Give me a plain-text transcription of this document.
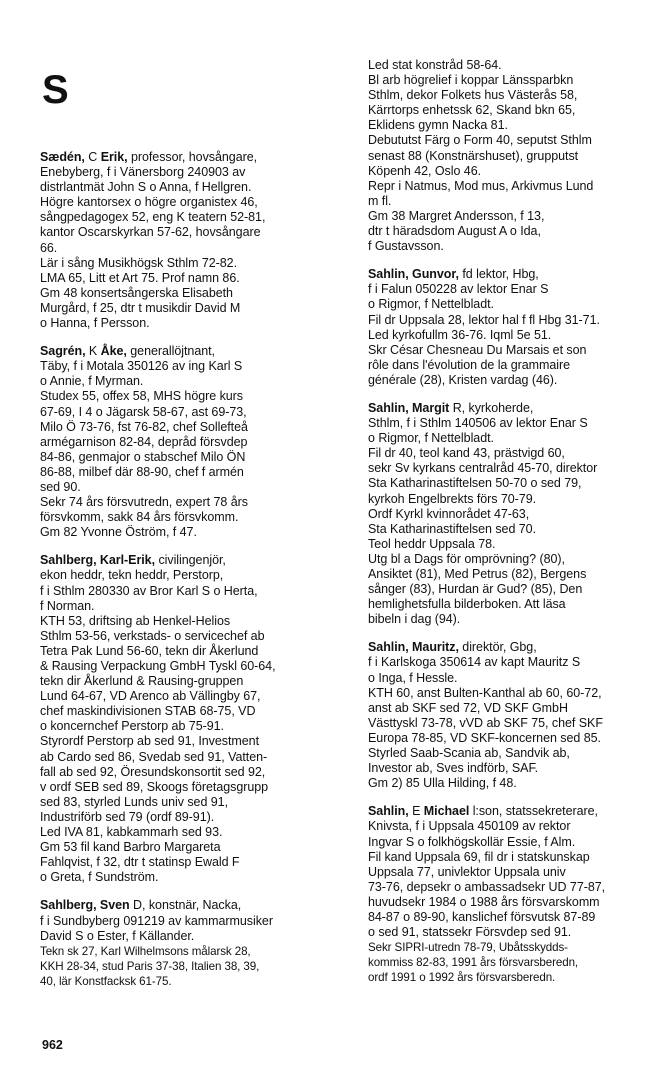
S
Sædén, C Erik, professor, hovsångare,
Enebyberg, f i Vänersborg 240903 av
distrlantmät John S o Anna, f Hellgren.
Högre kantorsex o högre organistex 46,
sångpedagogex 52, eng K teatern 52-81,
kantor Oscarskyrkan 57-62, hovsångare
66.
Lär i sång Musikhögsk Sthlm 72-82.
LMA 65, Litt et Art 75. Prof namn 86.
Gm 48 konsertsångerska Elisabeth
Murgård, f 25, dtr t musikdir David M
o Hanna, f Persson.
Sagrén, K Åke, generallöjtnant,
Täby, f i Motala 350126 av ing Karl S
o Annie, f Myrman.
Studex 55, offex 58, MHS högre kurs
67-69, I 4 o Jägarsk 58-67, ast 69-73,
Milo Ö 73-76, fst 76-82, chef Sollefteå
armégarnison 82-84, depråd försvdep
84-86, genmajor o stabschef Milo ÖN
86-88, milbef där 88-90, chef f armén
sed 90.
Sekr 74 års försvutredn, expert 78 års
försvkomm, sakk 84 års försvkomm.
Gm 82 Yvonne Öström, f 47.
Sahlberg, Karl-Erik, civilingenjör,
ekon heddr, tekn heddr, Perstorp,
f i Sthlm 280330 av Bror Karl S o Herta,
f Norman.
KTH 53, driftsing ab Henkel-Helios
Sthlm 53-56, verkstads- o servicechef ab
Tetra Pak Lund 56-60, tekn dir Åkerlund
& Rausing Verpackung GmbH Tyskl 60-64,
tekn dir Åkerlund & Rausing-gruppen
Lund 64-67, VD Arenco ab Vällingby 67,
chef maskindivisionen STAB 68-75, VD
o koncernchef Perstorp ab 75-91.
Styrordf Perstorp ab sed 91, Investment
ab Cardo sed 86, Svedab sed 91, Vatten-
fall ab sed 92, Öresundskonsortit sed 92,
v ordf SEB sed 89, Skoogs företagsgrupp
sed 83, styrled Lunds univ sed 91,
Industriförb sed 79 (ordf 89-91).
Led IVA 81, kabkammarh sed 93.
Gm 53 fil kand Barbro Margareta
Fahlqvist, f 32, dtr t statinsp Ewald F
o Greta, f Sundström.
Sahlberg, Sven D, konstnär, Nacka,
f i Sundbyberg 091219 av kammarmusiker
David S o Ester, f Källander.
Tekn sk 27, Karl Wilhelmsons målarsk 28,
KKH 28-34, stud Paris 37-38, Italien 38, 39,
40, lär Konstfacksk 61-75.
Led stat konstråd 58-64.
Bl arb högrelief i koppar Länssparbkn
Sthlm, dekor Folkets hus Västerås 58,
Kärrtorps enhetssk 62, Skand bkn 65,
Eklidens gymn Nacka 81.
Debututst Färg o Form 40, seputst Sthlm
senast 88 (Konstnärshuset), grupputst
Köpenh 42, Oslo 46.
Repr i Natmus, Mod mus, Arkivmus Lund
m fl.
Gm 38 Margret Andersson, f 13,
dtr t häradsdom August A o Ida,
f Gustavsson.
Sahlin, Gunvor, fd lektor, Hbg,
f i Falun 050228 av lektor Enar S
o Rigmor, f Nettelbladt.
Fil dr Uppsala 28, lektor hal f fl Hbg 31-71.
Led kyrkofullm 36-76. Iqml 5e 51.
Skr César Chesneau Du Marsais et son
rôle dans l'évolution de la grammaire
générale (28), Kristen vardag (46).
Sahlin, Margit R, kyrkoherde,
Sthlm, f i Sthlm 140506 av lektor Enar S
o Rigmor, f Nettelbladt.
Fil dr 40, teol kand 43, prästvigd 60,
sekr Sv kyrkans centralråd 45-70, direktor
Sta Katharinastiftelsen 50-70 o sed 79,
kyrkoh Engelbrekts förs 70-79.
Ordf Kyrkl kvinnorådet 47-63,
Sta Katharinastiftelsen sed 70.
Teol heddr Uppsala 78.
Utg bl a Dags för omprövning? (80),
Ansiktet (81), Med Petrus (82), Bergens
sånger (83), Hurdan är Gud? (85), Den
hemlighetsfulla bilderboken. Att läsa
bibeln i dag (94).
Sahlin, Mauritz, direktör, Gbg,
f i Karlskoga 350614 av kapt Mauritz S
o Inga, f Hessle.
KTH 60, anst Bulten-Kanthal ab 60, 60-72,
anst ab SKF sed 72, VD SKF GmbH
Västtyskl 73-78, vVD ab SKF 75, chef SKF
Europa 78-85, VD SKF-koncernen sed 85.
Styrled Saab-Scania ab, Sandvik ab,
Investor ab, Sves indförb, SAF.
Gm 2) 85 Ulla Hilding, f 48.
Sahlin, E Michael l:son, statssekreterare,
Knivsta, f i Uppsala 450109 av rektor
Ingvar S o folkhögskollär Essie, f Alm.
Fil kand Uppsala 69, fil dr i statskunskap
Uppsala 77, univlektor Uppsala univ
73-76, depsekr o ambassadsekr UD 77-87,
huvudsekr 1984 o 1988 års försvarskomm
84-87 o 89-90, kanslichef försvutsk 87-89
o sed 91, statssekr Försvdep sed 91.
Sekr SIPRI-utredn 78-79, Ubåtsskydds-
kommiss 82-83, 1991 års försvarsberedn,
ordf 1991 o 1992 års försvarsberedn.
962
